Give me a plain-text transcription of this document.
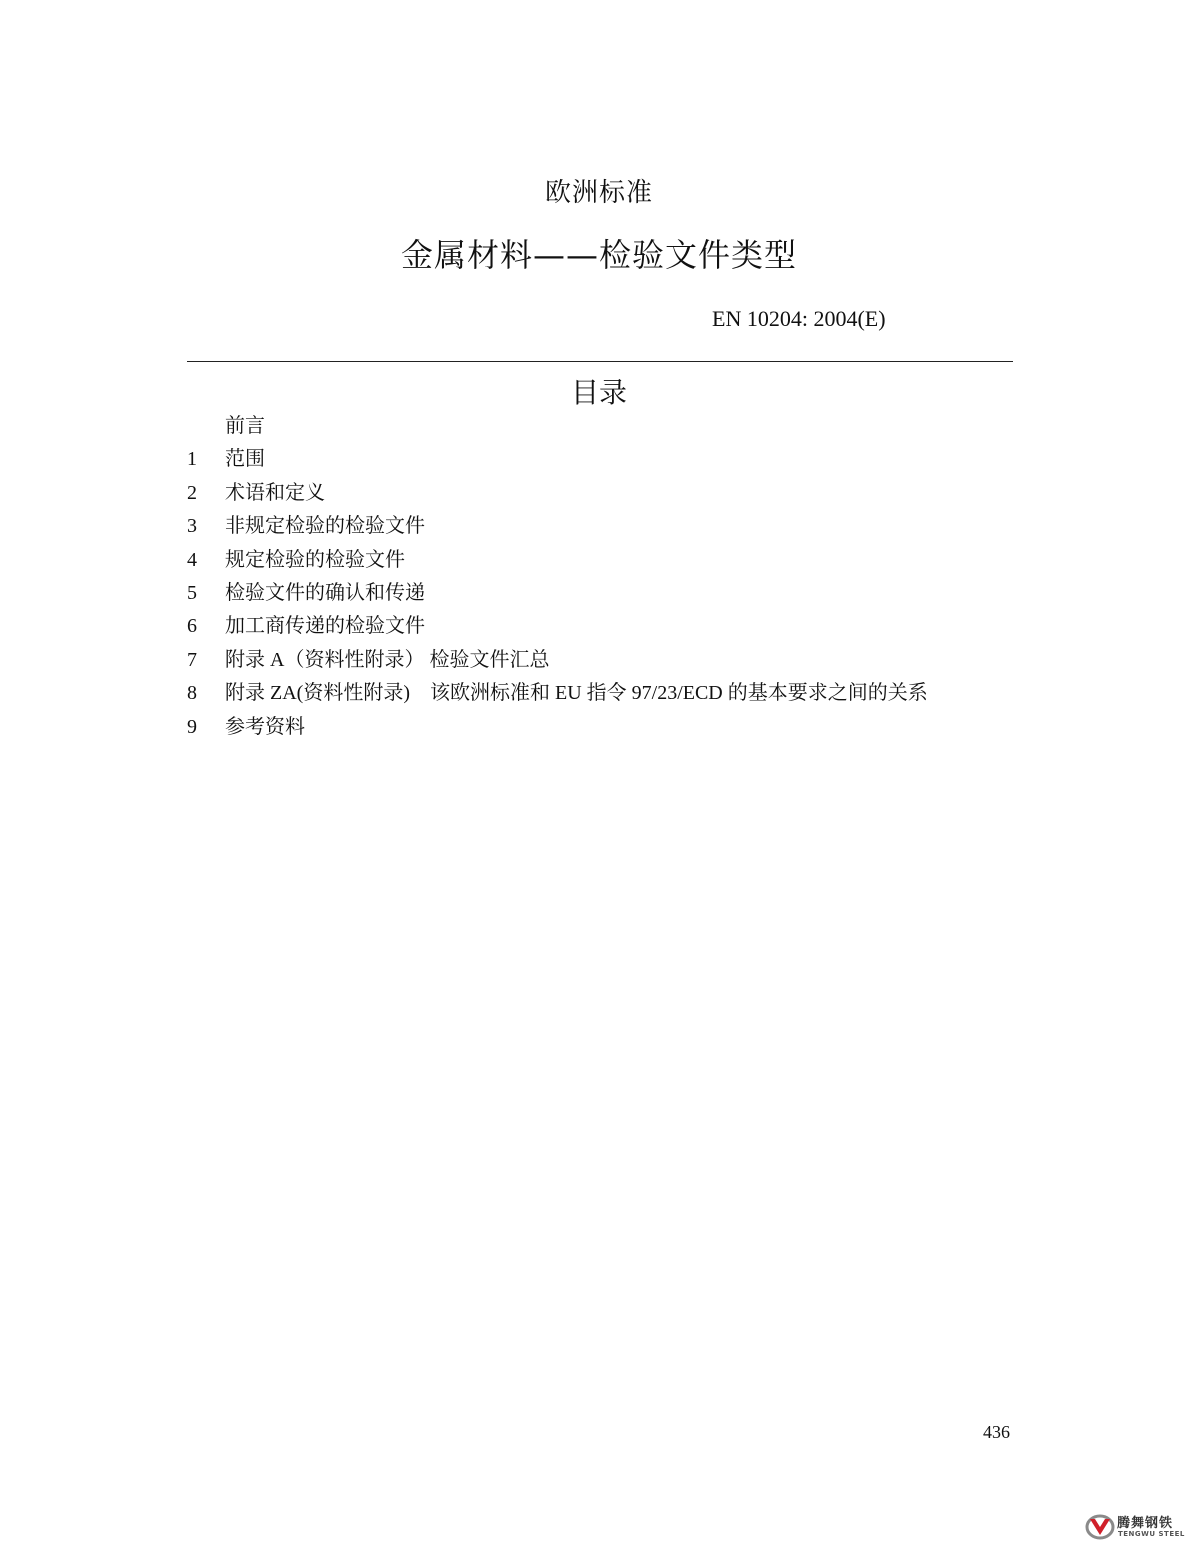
欧洲标准
金属材料——检验文件类型
EN 10204: 2004(E)
目录
前言
1 范围
2 术语和定义
3 非规定检验的检验文件
4 规定检验的检验文件
5 检验文件的确认和传递
6 加工商传递的检验文件
7 附录 A（资料性附录） 检验文件汇总
8 附录 ZA(资料性附录)　该欧洲标准和 EU 指令 97/23/ECD 的基本要求之间的关系
9 参考资料
436
腾舞钢铁
TENGWU STEEL
